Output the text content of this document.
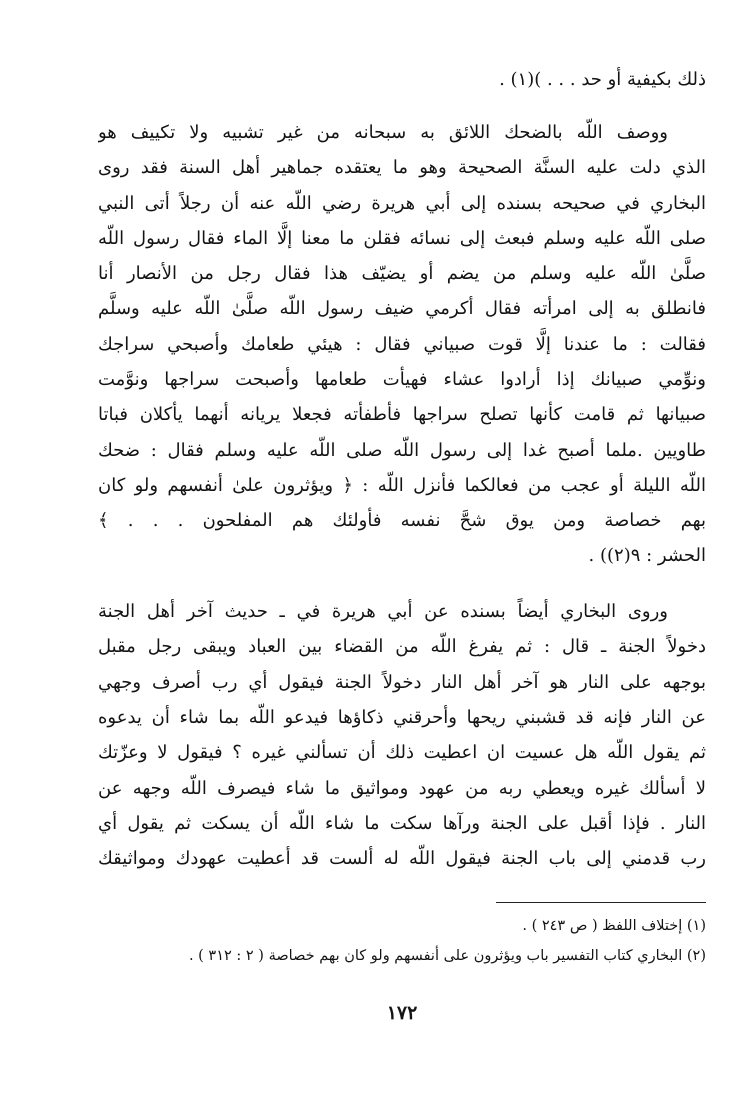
ذلك بكيفية أو حد . . . )(١) .
ووصف اللّه بالضحك اللائق به سبحانه من غير تشبيه ولا تكييف هو
الذي دلت عليه السنَّة الصحيحة وهو ما يعتقده جماهير أهل السنة فقد روى
البخاري في صحيحه بسنده إلى أبي هريرة رضي اللّه عنه أن رجلاً أتى النبي
صلى اللّه عليه وسلم فبعث إلى نسائه فقلن ما معنا إلَّا الماء فقال رسول اللّه
صلَّىٰ اللّه عليه وسلم من يضم أو يضيّف هذا فقال رجل من الأنصار أنا
فانطلق به إلى امرأته فقال أكرمي ضيف رسول اللّه صلَّىٰ اللّه عليه وسلَّم
فقالت : ما عندنا إلَّا قوت صبياني فقال : هيئي طعامك وأصبحي سراجك
ونوِّمي صبيانك إذا أرادوا عشاء فهيأت طعامها وأصبحت سراجها ونوَّمت
صبيانها ثم قامت كأنها تصلح سراجها فأطفأته فجعلا يريانه أنهما يأكلان فباتا
طاويين .ملما أصبح غدا إلى رسول اللّه صلى اللّه عليه وسلم فقال : ضحك
اللّه الليلة أو عجب من فعالكما فأنزل اللّه : ﴿ ويؤثرون علىٰ أنفسهم ولو كان
بهم خصاصة ومن يوق شحَّ نفسه فأولئك هم المفلحون . . . ﴾
الحشر : ٩(٢)) .
وروى البخاري أيضاً بسنده عن أبي هريرة في ـ حديث آخر أهل الجنة
دخولاً الجنة ـ قال : ثم يفرغ اللّه من القضاء بين العباد ويبقى رجل مقبل
بوجهه على النار هو آخر أهل النار دخولاً الجنة فيقول أي رب أصرف وجهي
عن النار فإنه قد قشبني ريحها وأحرقني ذكاؤها فيدعو اللّه بما شاء أن يدعوه
ثم يقول اللّه هل عسيت ان اعطيت ذلك أن تسألني غيره ؟ فيقول لا وعزّتك
لا أسألك غيره ويعطي ربه من عهود ومواثيق ما شاء فيصرف اللّه وجهه عن
النار . فإذا أقبل على الجنة ورآها سكت ما شاء اللّه أن يسكت ثم يقول أي
رب قدمني إلى باب الجنة فيقول اللّه له ألست قد أعطيت عهودك ومواثيقك
(١) إختلاف اللفظ ( ص ٢٤٣ ) .
(٢) البخاري كتاب التفسير باب ويؤثرون على أنفسهم ولو كان بهم خصاصة ( ٢ : ٣١٢ ) .
١٧٢
